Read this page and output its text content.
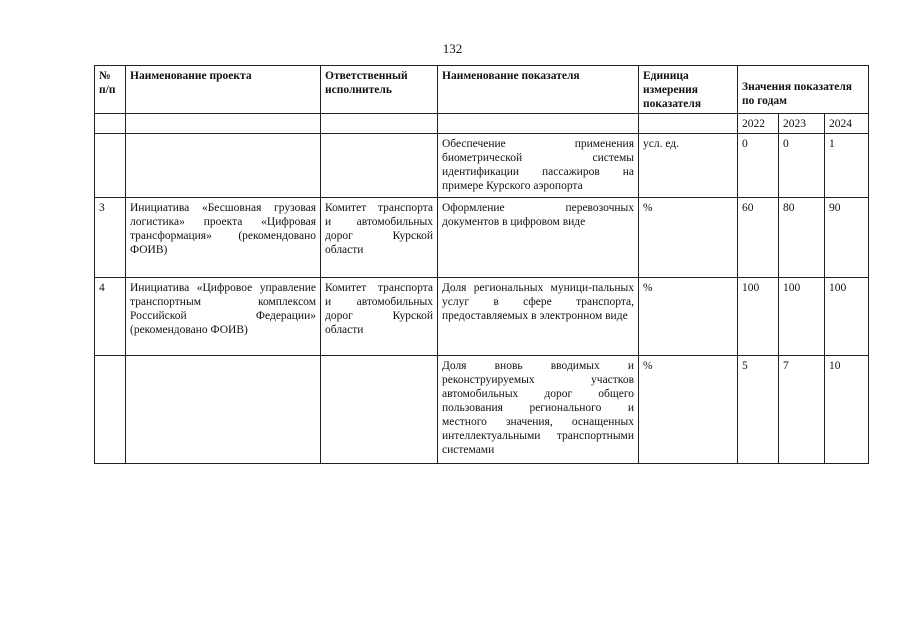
132
№ п/п	Наименование проекта	Ответственный исполнитель	Наименование показателя	Единица измерения показателя	Значения показателя по годам		
					2022	2023	2024
			Обеспечение применения биометрической системы идентификации пассажиров на примере Курского аэропорта	усл. ед.	0	0	1
3	Инициатива «Бесшовная грузовая логистика» проекта «Цифровая трансформация» (рекомендовано ФОИВ)	Комитет транспорта и автомобильных дорог Курской области	Оформление перевозочных документов в цифровом виде	%	60	80	90
4	Инициатива «Цифровое управление транспортным комплексом Российской Федерации» (рекомендовано ФОИВ)	Комитет транспорта и автомобильных дорог Курской области	Доля региональных муници-пальных услуг в сфере транспорта, предоставляемых в электронном виде	%	100	100	100
			Доля вновь вводимых и реконструируемых участков автомобильных дорог общего пользования регионального и местного значения, оснащенных интеллектуальными транспортными системами	%	5	7	10
